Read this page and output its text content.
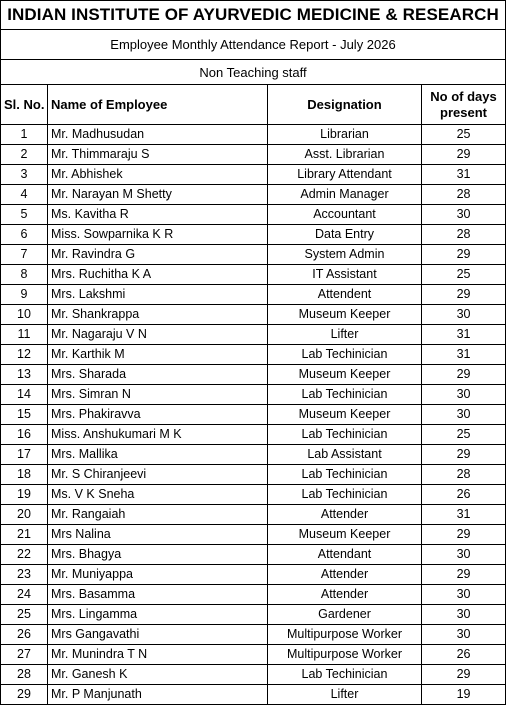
INDIAN INSTITUTE OF AYURVEDIC MEDICINE & RESEARCH			
Employee Monthly Attendance Report - July 2026			
Non Teaching staff			
Sl. No.	Name of Employee	Designation	No of days
present
1	Mr. Madhusudan	Librarian	25
2	Mr. Thimmaraju S	Asst. Librarian	29
3	Mr. Abhishek	Library Attendant	31
4	Mr. Narayan M Shetty	Admin Manager	28
5	Ms. Kavitha R	Accountant	30
6	Miss. Sowparnika K R	Data Entry	28
7	Mr. Ravindra G	System Admin	29
8	Mrs. Ruchitha K A	IT Assistant	25
9	Mrs. Lakshmi	Attendent	29
10	Mr. Shankrappa	Museum Keeper	30
11	Mr. Nagaraju V N	Lifter	31
12	Mr. Karthik M	Lab Techinician	31
13	Mrs. Sharada	Museum Keeper	29
14	Mrs. Simran N	Lab Techinician	30
15	Mrs. Phakiravva	Museum Keeper	30
16	Miss. Anshukumari M K	Lab Techinician	25
17	Mrs. Mallika	Lab Assistant	29
18	Mr. S Chiranjeevi	Lab Techinician	28
19	Ms. V K Sneha	Lab Techinician	26
20	Mr. Rangaiah	Attender	31
21	Mrs Nalina	Museum Keeper	29
22	Mrs. Bhagya	Attendant	30
23	Mr. Muniyappa	Attender	29
24	Mrs. Basamma	Attender	30
25	Mrs. Lingamma	Gardener	30
26	Mrs Gangavathi	Multipurpose Worker	30
27	Mr. Munindra T N	Multipurpose Worker	26
28	Mr. Ganesh K	Lab Techinician	29
29	Mr. P Manjunath	Lifter	19
